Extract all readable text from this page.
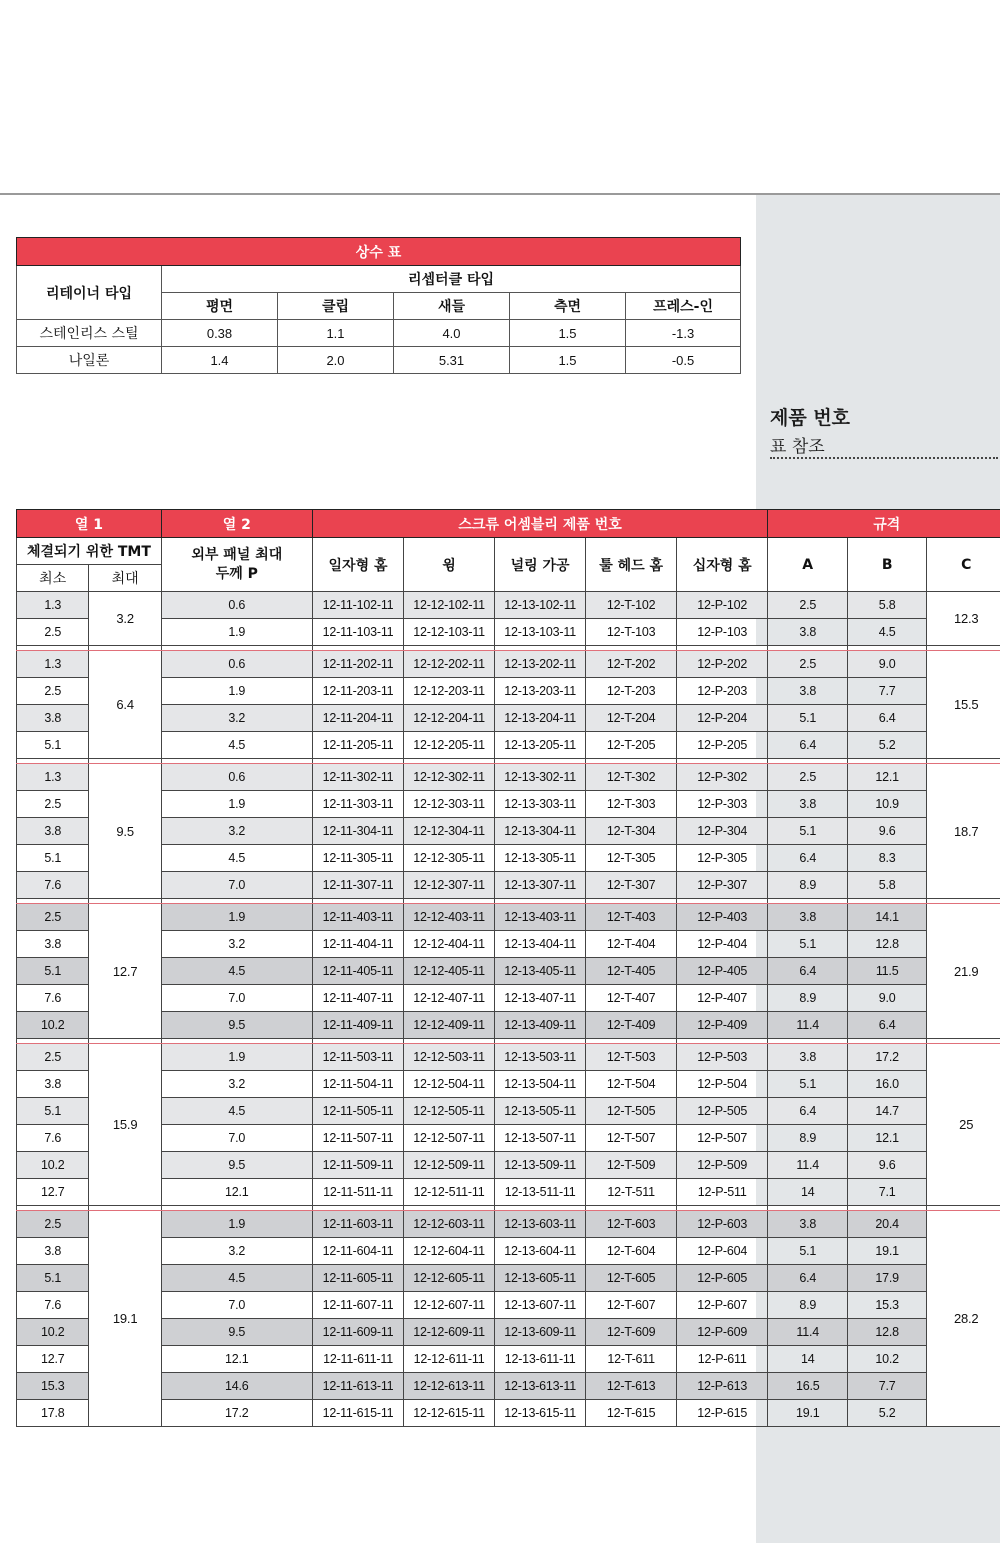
제품 번호
표 참조
상수 표					
리테이너 타입	리셉터클 타입				
	평면	클립	새들	측면	프레스-인
스테인리스 스틸	0.38	1.1	4.0	1.5	-1.3
나일론	1.4	2.0	5.31	1.5	-0.5
열 1		열 2	스크류 어셈블리 제품 번호					규격		
체결되기 위한 TMT		외부 패널 최대
두께 P	일자형 홈	윙	널링 가공	툴 헤드 홈	십자형 홈	A	B	C
최소	최대									
1.3	3.2	0.6	12-11-102-11	12-12-102-11	12-13-102-11	12-T-102	12-P-102	2.5	5.8	12.3
2.5		1.9	12-11-103-11	12-12-103-11	12-13-103-11	12-T-103	12-P-103	3.8	4.5	

1.3	6.4	0.6	12-11-202-11	12-12-202-11	12-13-202-11	12-T-202	12-P-202	2.5	9.0	15.5
2.5		1.9	12-11-203-11	12-12-203-11	12-13-203-11	12-T-203	12-P-203	3.8	7.7	
3.8		3.2	12-11-204-11	12-12-204-11	12-13-204-11	12-T-204	12-P-204	5.1	6.4	
5.1		4.5	12-11-205-11	12-12-205-11	12-13-205-11	12-T-205	12-P-205	6.4	5.2	

1.3	9.5	0.6	12-11-302-11	12-12-302-11	12-13-302-11	12-T-302	12-P-302	2.5	12.1	18.7
2.5		1.9	12-11-303-11	12-12-303-11	12-13-303-11	12-T-303	12-P-303	3.8	10.9	
3.8		3.2	12-11-304-11	12-12-304-11	12-13-304-11	12-T-304	12-P-304	5.1	9.6	
5.1		4.5	12-11-305-11	12-12-305-11	12-13-305-11	12-T-305	12-P-305	6.4	8.3	
7.6		7.0	12-11-307-11	12-12-307-11	12-13-307-11	12-T-307	12-P-307	8.9	5.8	

2.5	12.7	1.9	12-11-403-11	12-12-403-11	12-13-403-11	12-T-403	12-P-403	3.8	14.1	21.9
3.8		3.2	12-11-404-11	12-12-404-11	12-13-404-11	12-T-404	12-P-404	5.1	12.8	
5.1		4.5	12-11-405-11	12-12-405-11	12-13-405-11	12-T-405	12-P-405	6.4	11.5	
7.6		7.0	12-11-407-11	12-12-407-11	12-13-407-11	12-T-407	12-P-407	8.9	9.0	
10.2		9.5	12-11-409-11	12-12-409-11	12-13-409-11	12-T-409	12-P-409	11.4	6.4	

2.5	15.9	1.9	12-11-503-11	12-12-503-11	12-13-503-11	12-T-503	12-P-503	3.8	17.2	25
3.8		3.2	12-11-504-11	12-12-504-11	12-13-504-11	12-T-504	12-P-504	5.1	16.0	
5.1		4.5	12-11-505-11	12-12-505-11	12-13-505-11	12-T-505	12-P-505	6.4	14.7	
7.6		7.0	12-11-507-11	12-12-507-11	12-13-507-11	12-T-507	12-P-507	8.9	12.1	
10.2		9.5	12-11-509-11	12-12-509-11	12-13-509-11	12-T-509	12-P-509	11.4	9.6	
12.7		12.1	12-11-511-11	12-12-511-11	12-13-511-11	12-T-511	12-P-511	14	7.1	

2.5	19.1	1.9	12-11-603-11	12-12-603-11	12-13-603-11	12-T-603	12-P-603	3.8	20.4	28.2
3.8		3.2	12-11-604-11	12-12-604-11	12-13-604-11	12-T-604	12-P-604	5.1	19.1	
5.1		4.5	12-11-605-11	12-12-605-11	12-13-605-11	12-T-605	12-P-605	6.4	17.9	
7.6		7.0	12-11-607-11	12-12-607-11	12-13-607-11	12-T-607	12-P-607	8.9	15.3	
10.2		9.5	12-11-609-11	12-12-609-11	12-13-609-11	12-T-609	12-P-609	11.4	12.8	
12.7		12.1	12-11-611-11	12-12-611-11	12-13-611-11	12-T-611	12-P-611	14	10.2	
15.3		14.6	12-11-613-11	12-12-613-11	12-13-613-11	12-T-613	12-P-613	16.5	7.7	
17.8		17.2	12-11-615-11	12-12-615-11	12-13-615-11	12-T-615	12-P-615	19.1	5.2	
